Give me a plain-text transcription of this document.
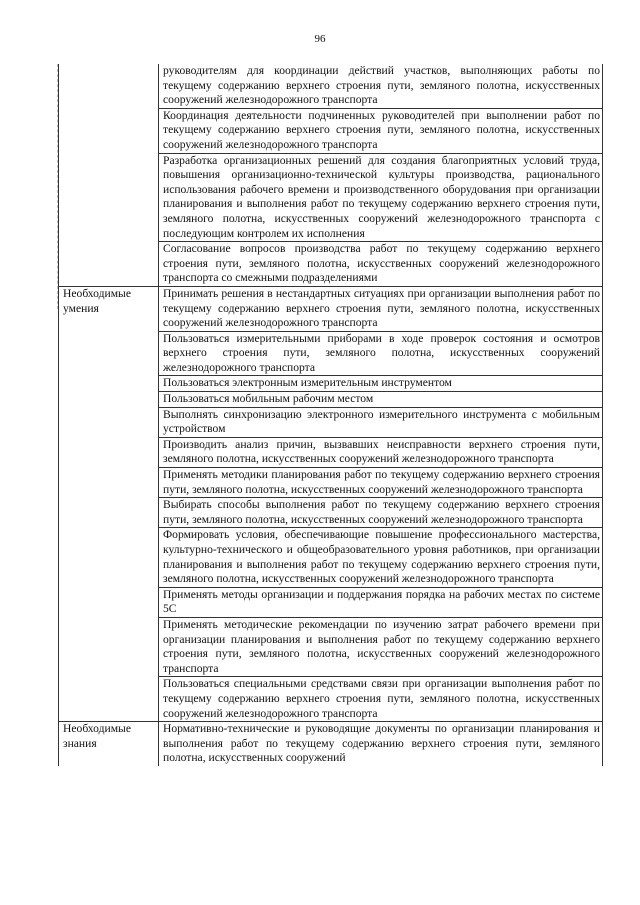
96
	руководителям для координации действий участков, выполняющих работы по текущему содержанию верхнего строения пути, земляного полотна, искусственных сооружений железнодорожного транспорта
	Координация деятельности подчиненных руководителей при выполнении работ по текущему содержанию верхнего строения пути, земляного полотна, искусственных сооружений железнодорожного транспорта
	Разработка организационных решений для создания благоприятных условий труда, повышения организационно-технической культуры производства, рационального использования рабочего времени и производственного оборудования при организации планирования и выполнения работ по текущему содержанию верхнего строения пути, земляного полотна, искусственных сооружений железнодорожного транспорта с последующим контролем их исполнения
	Согласование вопросов производства работ по текущему содержанию верхнего строения пути, земляного полотна, искусственных сооружений железнодорожного транспорта со смежными подразделениями
Необходимые умения	Принимать решения в нестандартных ситуациях при организации выполнения работ по текущему содержанию верхнего строения пути, земляного полотна, искусственных сооружений железнодорожного транспорта
	Пользоваться измерительными приборами в ходе проверок состояния и осмотров верхнего строения пути, земляного полотна, искусственных сооружений железнодорожного транспорта
	Пользоваться электронным измерительным инструментом
	Пользоваться мобильным рабочим местом
	Выполнять синхронизацию электронного измерительного инструмента с мобильным устройством
	Производить анализ причин, вызвавших неисправности верхнего строения пути, земляного полотна, искусственных сооружений железнодорожного транспорта
	Применять методики планирования работ по текущему содержанию верхнего строения пути, земляного полотна, искусственных сооружений железнодорожного транспорта
	Выбирать способы выполнения работ по текущему содержанию верхнего строения пути, земляного полотна, искусственных сооружений железнодорожного транспорта
	Формировать условия, обеспечивающие повышение профессионального мастерства, культурно-технического и общеобразовательного уровня работников, при организации планирования и выполнения работ по текущему содержанию верхнего строения пути, земляного полотна, искусственных сооружений железнодорожного транспорта
	Применять методы организации и поддержания порядка на рабочих местах по системе 5С
	Применять методические рекомендации по изучению затрат рабочего времени при организации планирования и выполнения работ по текущему содержанию верхнего строения пути, земляного полотна, искусственных сооружений железнодорожного транспорта
	Пользоваться специальными средствами связи при организации выполнения работ по текущему содержанию верхнего строения пути, земляного полотна, искусственных сооружений железнодорожного транспорта
Необходимые знания	Нормативно-технические и руководящие документы по организации планирования и выполнения работ по текущему содержанию верхнего строения пути, земляного полотна, искусственных сооружений
